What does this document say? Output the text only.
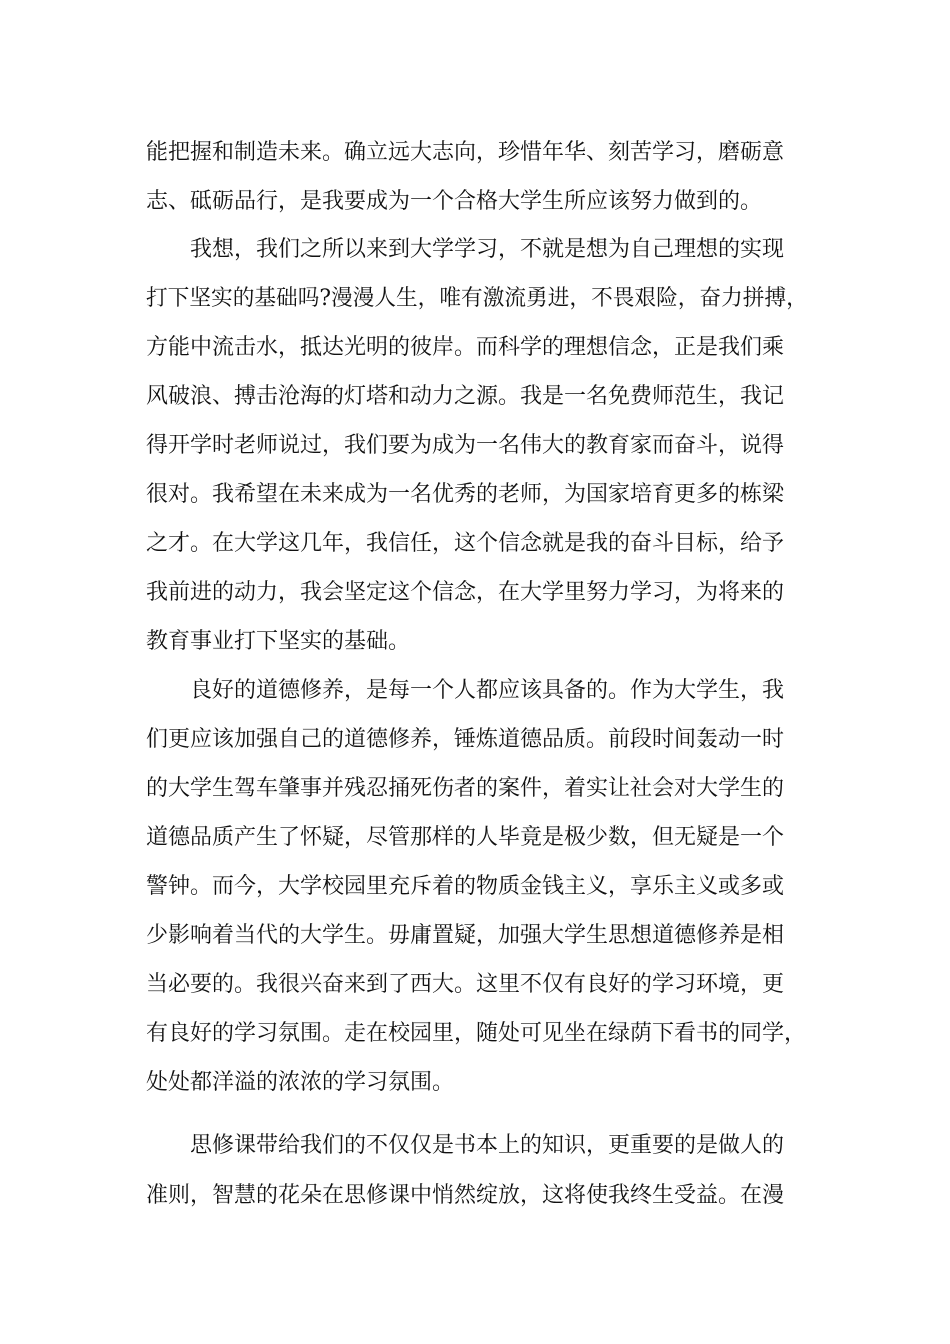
能把握和制造未来。确立远大志向，珍惜年华、刻苦学习，磨砺意
志、砥砺品行，是我要成为一个合格大学生所应该努力做到的。
我想，我们之所以来到大学学习，不就是想为自己理想的实现
打下坚实的基础吗?漫漫人生，唯有激流勇进，不畏艰险，奋力拼搏，
方能中流击水，抵达光明的彼岸。而科学的理想信念，正是我们乘
风破浪、搏击沧海的灯塔和动力之源。我是一名免费师范生，我记
得开学时老师说过，我们要为成为一名伟大的教育家而奋斗，说得
很对。我希望在未来成为一名优秀的老师，为国家培育更多的栋梁
之才。在大学这几年，我信任，这个信念就是我的奋斗目标，给予
我前进的动力，我会坚定这个信念，在大学里努力学习，为将来的
教育事业打下坚实的基础。
良好的道德修养，是每一个人都应该具备的。作为大学生，我
们更应该加强自己的道德修养，锤炼道德品质。前段时间轰动一时
的大学生驾车肇事并残忍捅死伤者的案件，着实让社会对大学生的
道德品质产生了怀疑，尽管那样的人毕竟是极少数，但无疑是一个
警钟。而今，大学校园里充斥着的物质金钱主义，享乐主义或多或
少影响着当代的大学生。毋庸置疑，加强大学生思想道德修养是相
当必要的。我很兴奋来到了西大。这里不仅有良好的学习环境，更
有良好的学习氛围。走在校园里，随处可见坐在绿荫下看书的同学，
处处都洋溢的浓浓的学习氛围。
思修课带给我们的不仅仅是书本上的知识，更重要的是做人的
准则，智慧的花朵在思修课中悄然绽放，这将使我终生受益。在漫
